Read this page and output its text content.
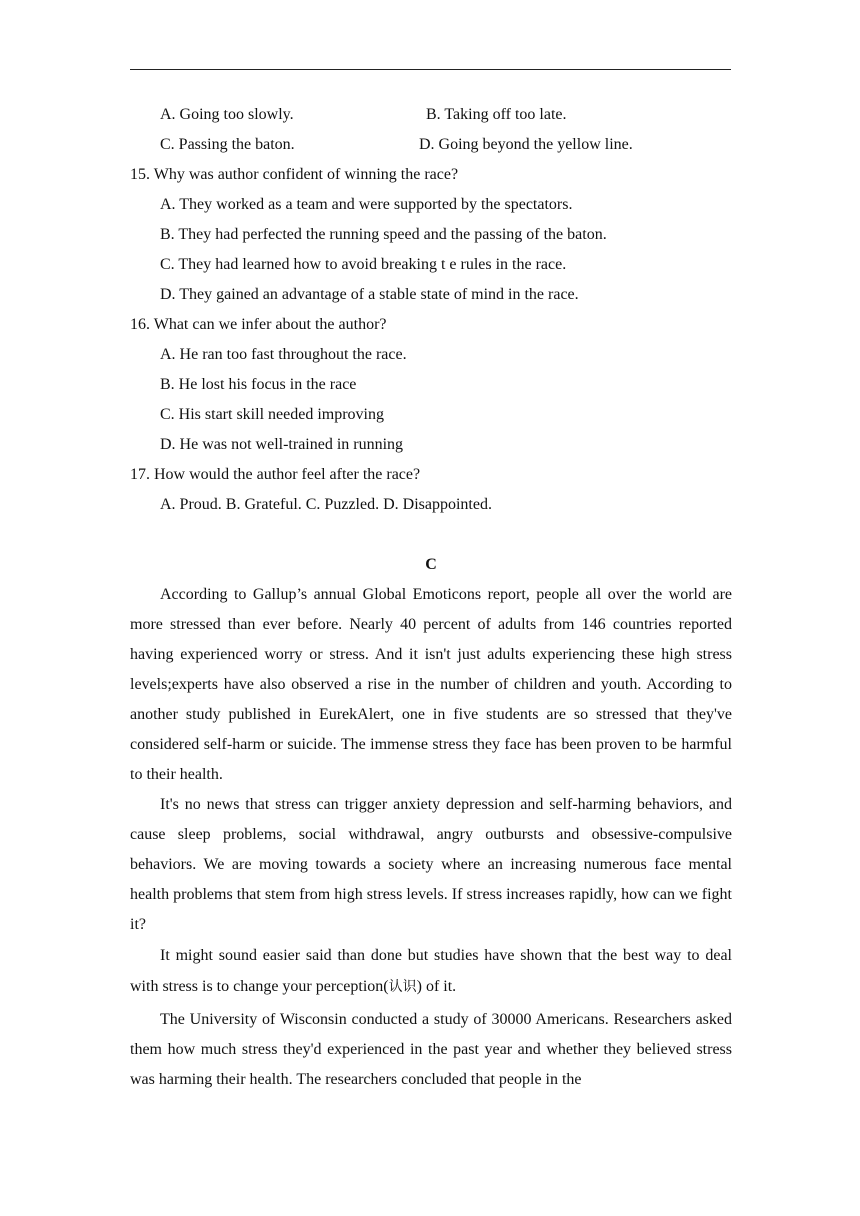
A. Going too slowly.	B. Taking off too late.
C. Passing the baton.	D. Going beyond the yellow line.
15. Why was author confident of winning the race?
A. They worked as a team and were supported by the spectators.
B. They had perfected the running speed and the passing of the baton.
C. They had learned how to avoid breaking t e rules in the race.
D. They gained an advantage of a stable state of mind in the race.
16. What can we infer about the author?
A. He ran too fast throughout the race.
B. He lost his focus in the race
C. His start skill needed improving
D. He was not well-trained in running
17. How would the author feel after the race?
A. Proud. B. Grateful. C. Puzzled. D. Disappointed.
C

According to Gallup’s annual Global Emoticons report, people all over the world are more stressed than ever before. Nearly 40 percent of adults from 146 countries reported having experienced worry or stress. And it isn't just adults experiencing these high stress levels;experts have also observed a rise in the number of children and youth. According to another study published in EurekAlert, one in five students are so stressed that they've considered self-harm or suicide. The immense stress they face has been proven to be harmful to their health.

It's no news that stress can trigger anxiety depression and self-harming behaviors, and cause sleep problems, social withdrawal, angry outbursts and obsessive-compulsive behaviors. We are moving towards a society where an increasing numerous face mental health problems that stem from high stress levels. If stress increases rapidly, how can we fight it?

It might sound easier said than done but studies have shown that the best way to deal with stress is to change your perception(认识) of it.

The University of Wisconsin conducted a study of 30000 Americans. Researchers asked them how much stress they'd experienced in the past year and whether they believed stress was harming their health. The researchers concluded that people in the
